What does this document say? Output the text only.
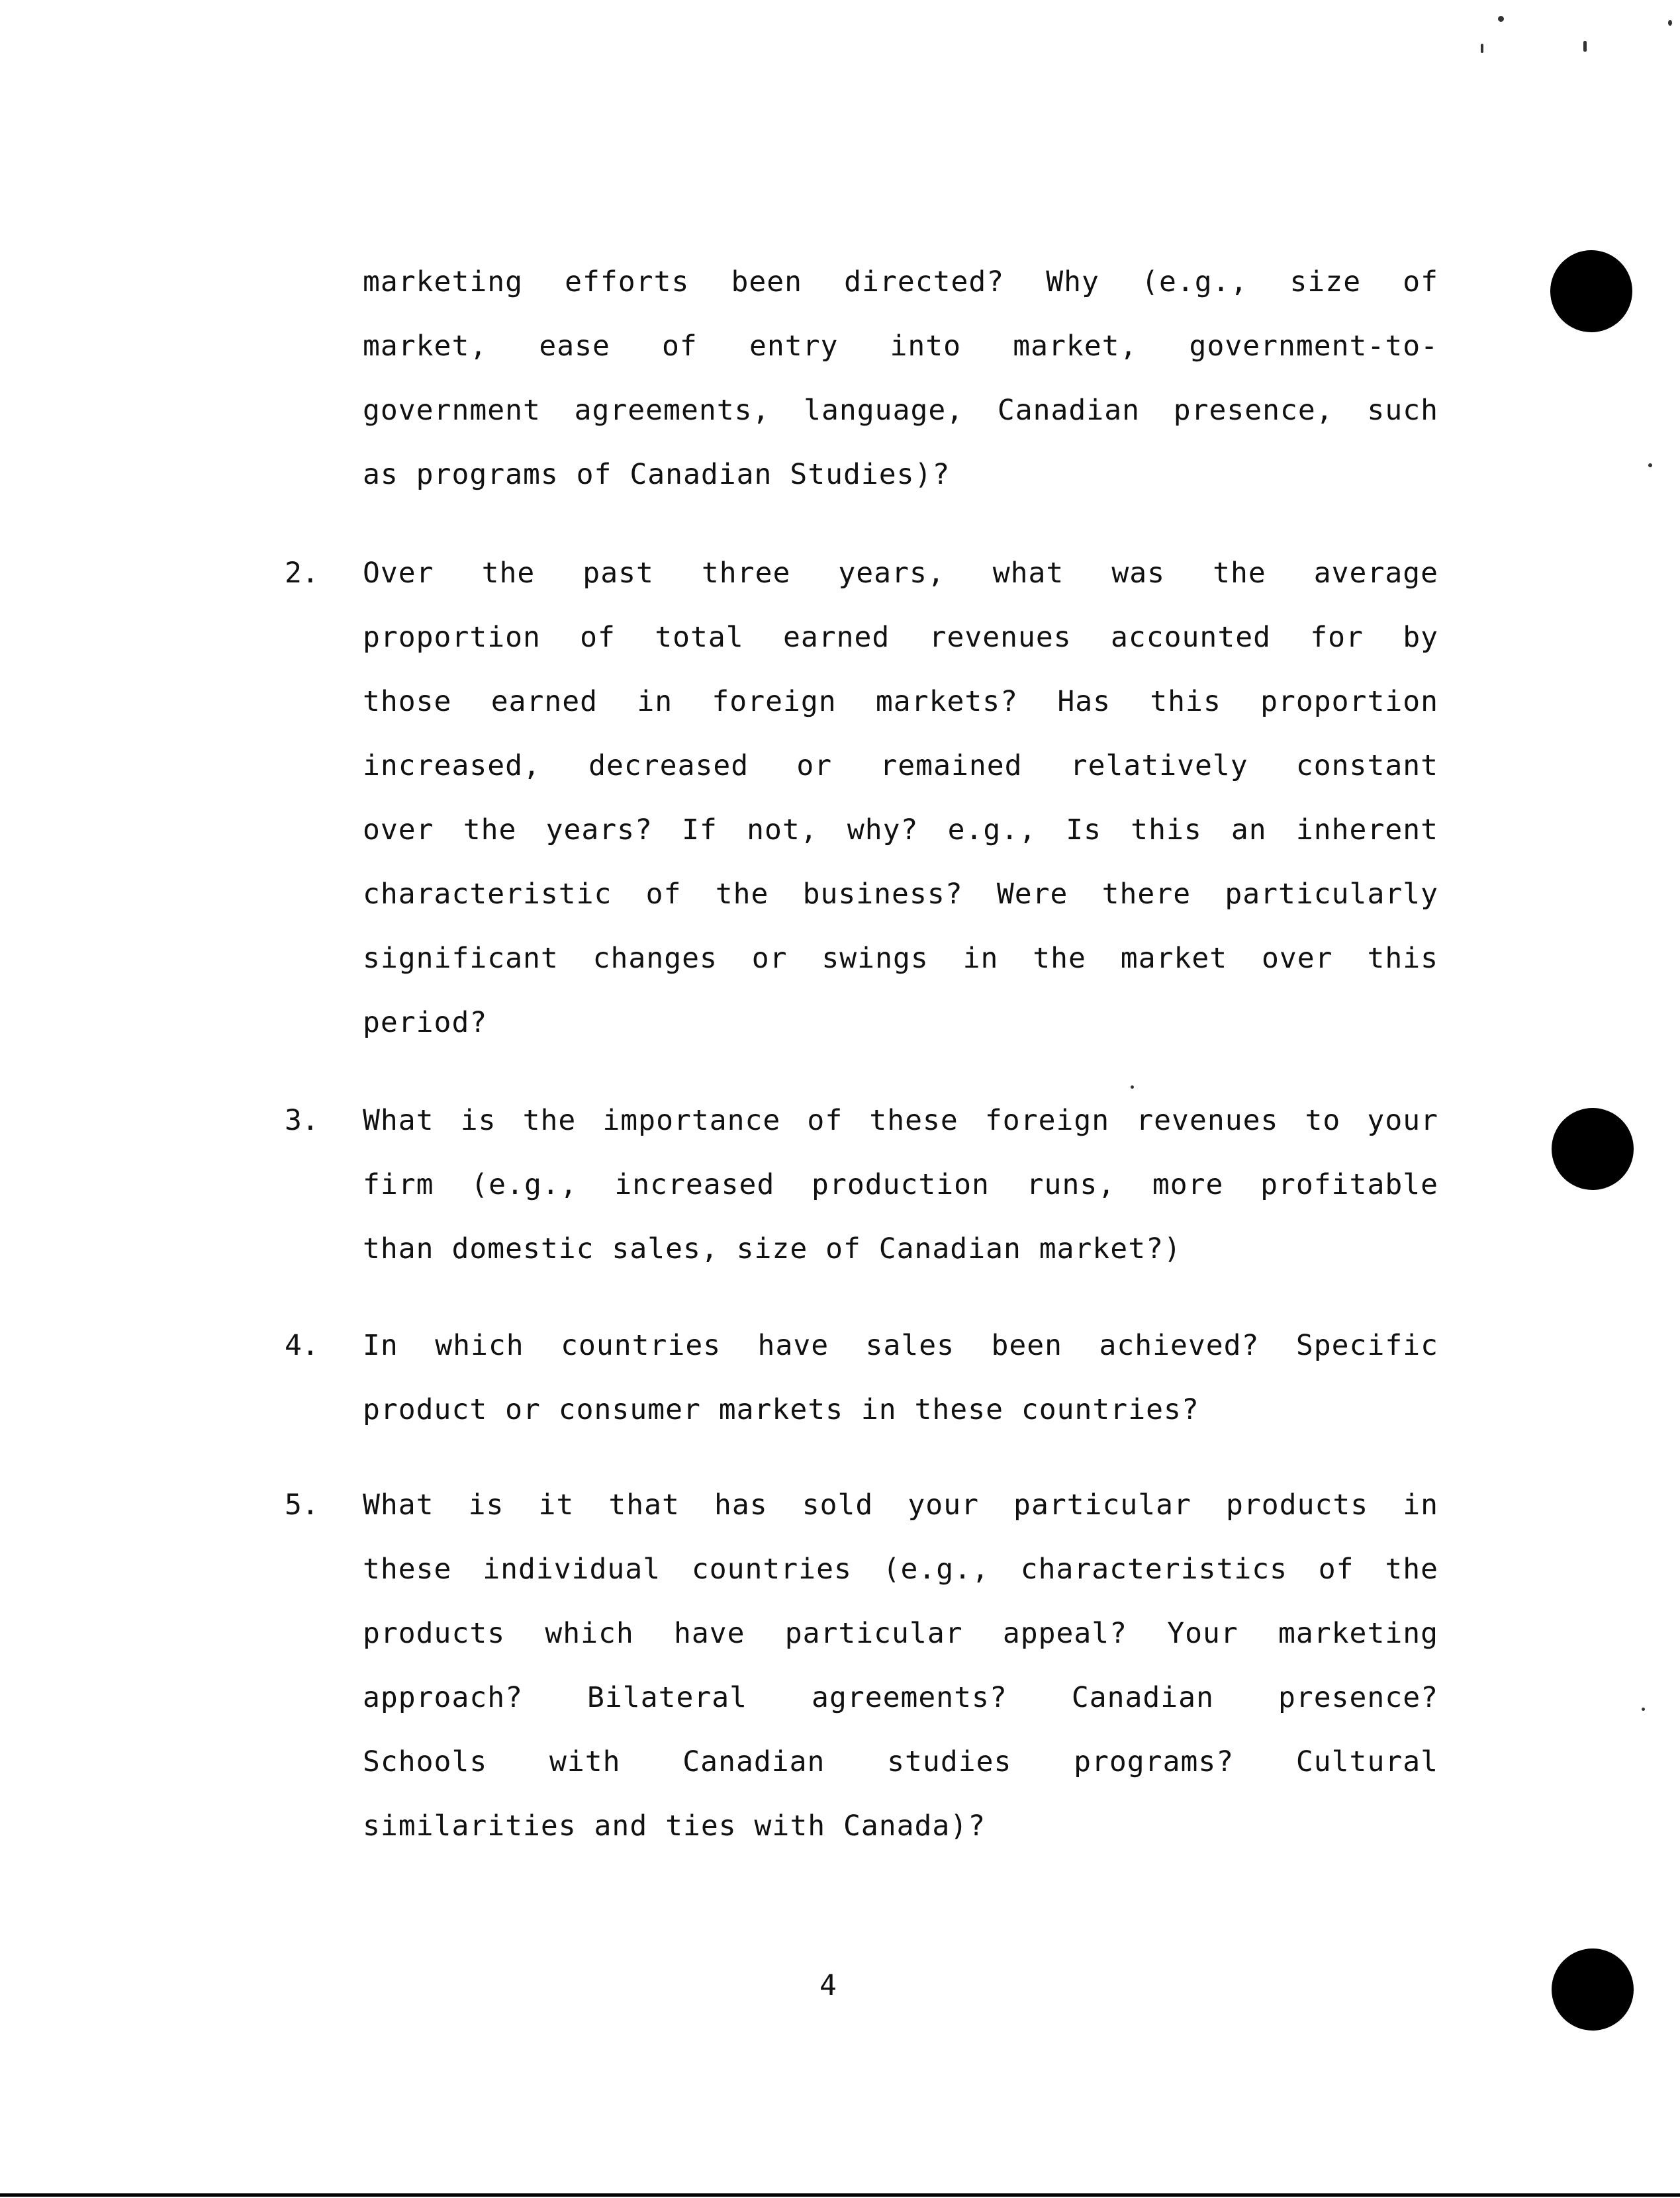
marketing efforts been directed? Why (e.g., size of
market, ease of entry into market, government-to-
government agreements, language, Canadian presence, such
as programs of Canadian Studies)?
2. Over the past three years, what was the average
proportion of total earned revenues accounted for by
those earned in foreign markets? Has this proportion
increased, decreased or remained relatively constant
over the years? If not, why? e.g., Is this an inherent
characteristic of the business? Were there particularly
significant changes or swings in the market over this
period?
3. What is the importance of these foreign revenues to your
firm (e.g., increased production runs, more profitable
than domestic sales, size of Canadian market?)
4. In which countries have sales been achieved? Specific
product or consumer markets in these countries?
5. What is it that has sold your particular products in
these individual countries (e.g., characteristics of the
products which have particular appeal? Your marketing
approach? Bilateral agreements? Canadian presence?
Schools with Canadian studies programs? Cultural
similarities and ties with Canada)?
4
